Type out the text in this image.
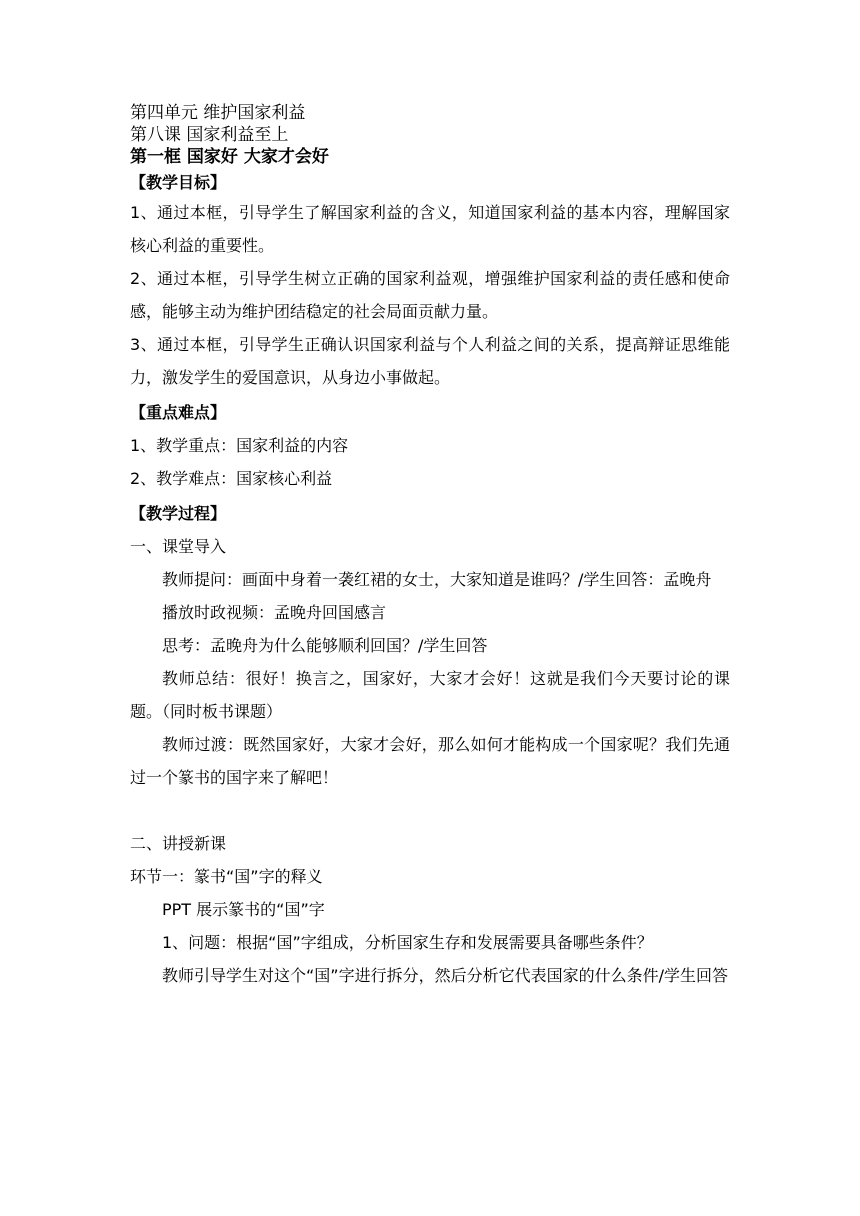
第四单元 维护国家利益

第八课 国家利益至上

第一框 国家好 大家才会好

【教学目标】

1、通过本框，引导学生了解国家利益的含义，知道国家利益的基本内容，理解国家核心利益的重要性。

2、通过本框，引导学生树立正确的国家利益观，增强维护国家利益的责任感和使命感，能够主动为维护团结稳定的社会局面贡献力量。

3、通过本框，引导学生正确认识国家利益与个人利益之间的关系，提高辩证思维能力，激发学生的爱国意识，从身边小事做起。

【重点难点】

1、教学重点：国家利益的内容

2、教学难点：国家核心利益

【教学过程】

一、课堂导入

教师提问：画面中身着一袭红裙的女士，大家知道是谁吗？/学生回答：孟晚舟

播放时政视频：孟晚舟回国感言

思考：孟晚舟为什么能够顺利回国？/学生回答

教师总结：很好！换言之，国家好，大家才会好！这就是我们今天要讨论的课题。（同时板书课题）

教师过渡：既然国家好，大家才会好，那么如何才能构成一个国家呢？我们先通过一个篆书的国字来了解吧！

二、讲授新课

环节一：篆书“国”字的释义

PPT 展示篆书的“国”字

1、问题：根据“国”字组成，分析国家生存和发展需要具备哪些条件？

教师引导学生对这个“国”字进行拆分，然后分析它代表国家的什么条件/学生回答
